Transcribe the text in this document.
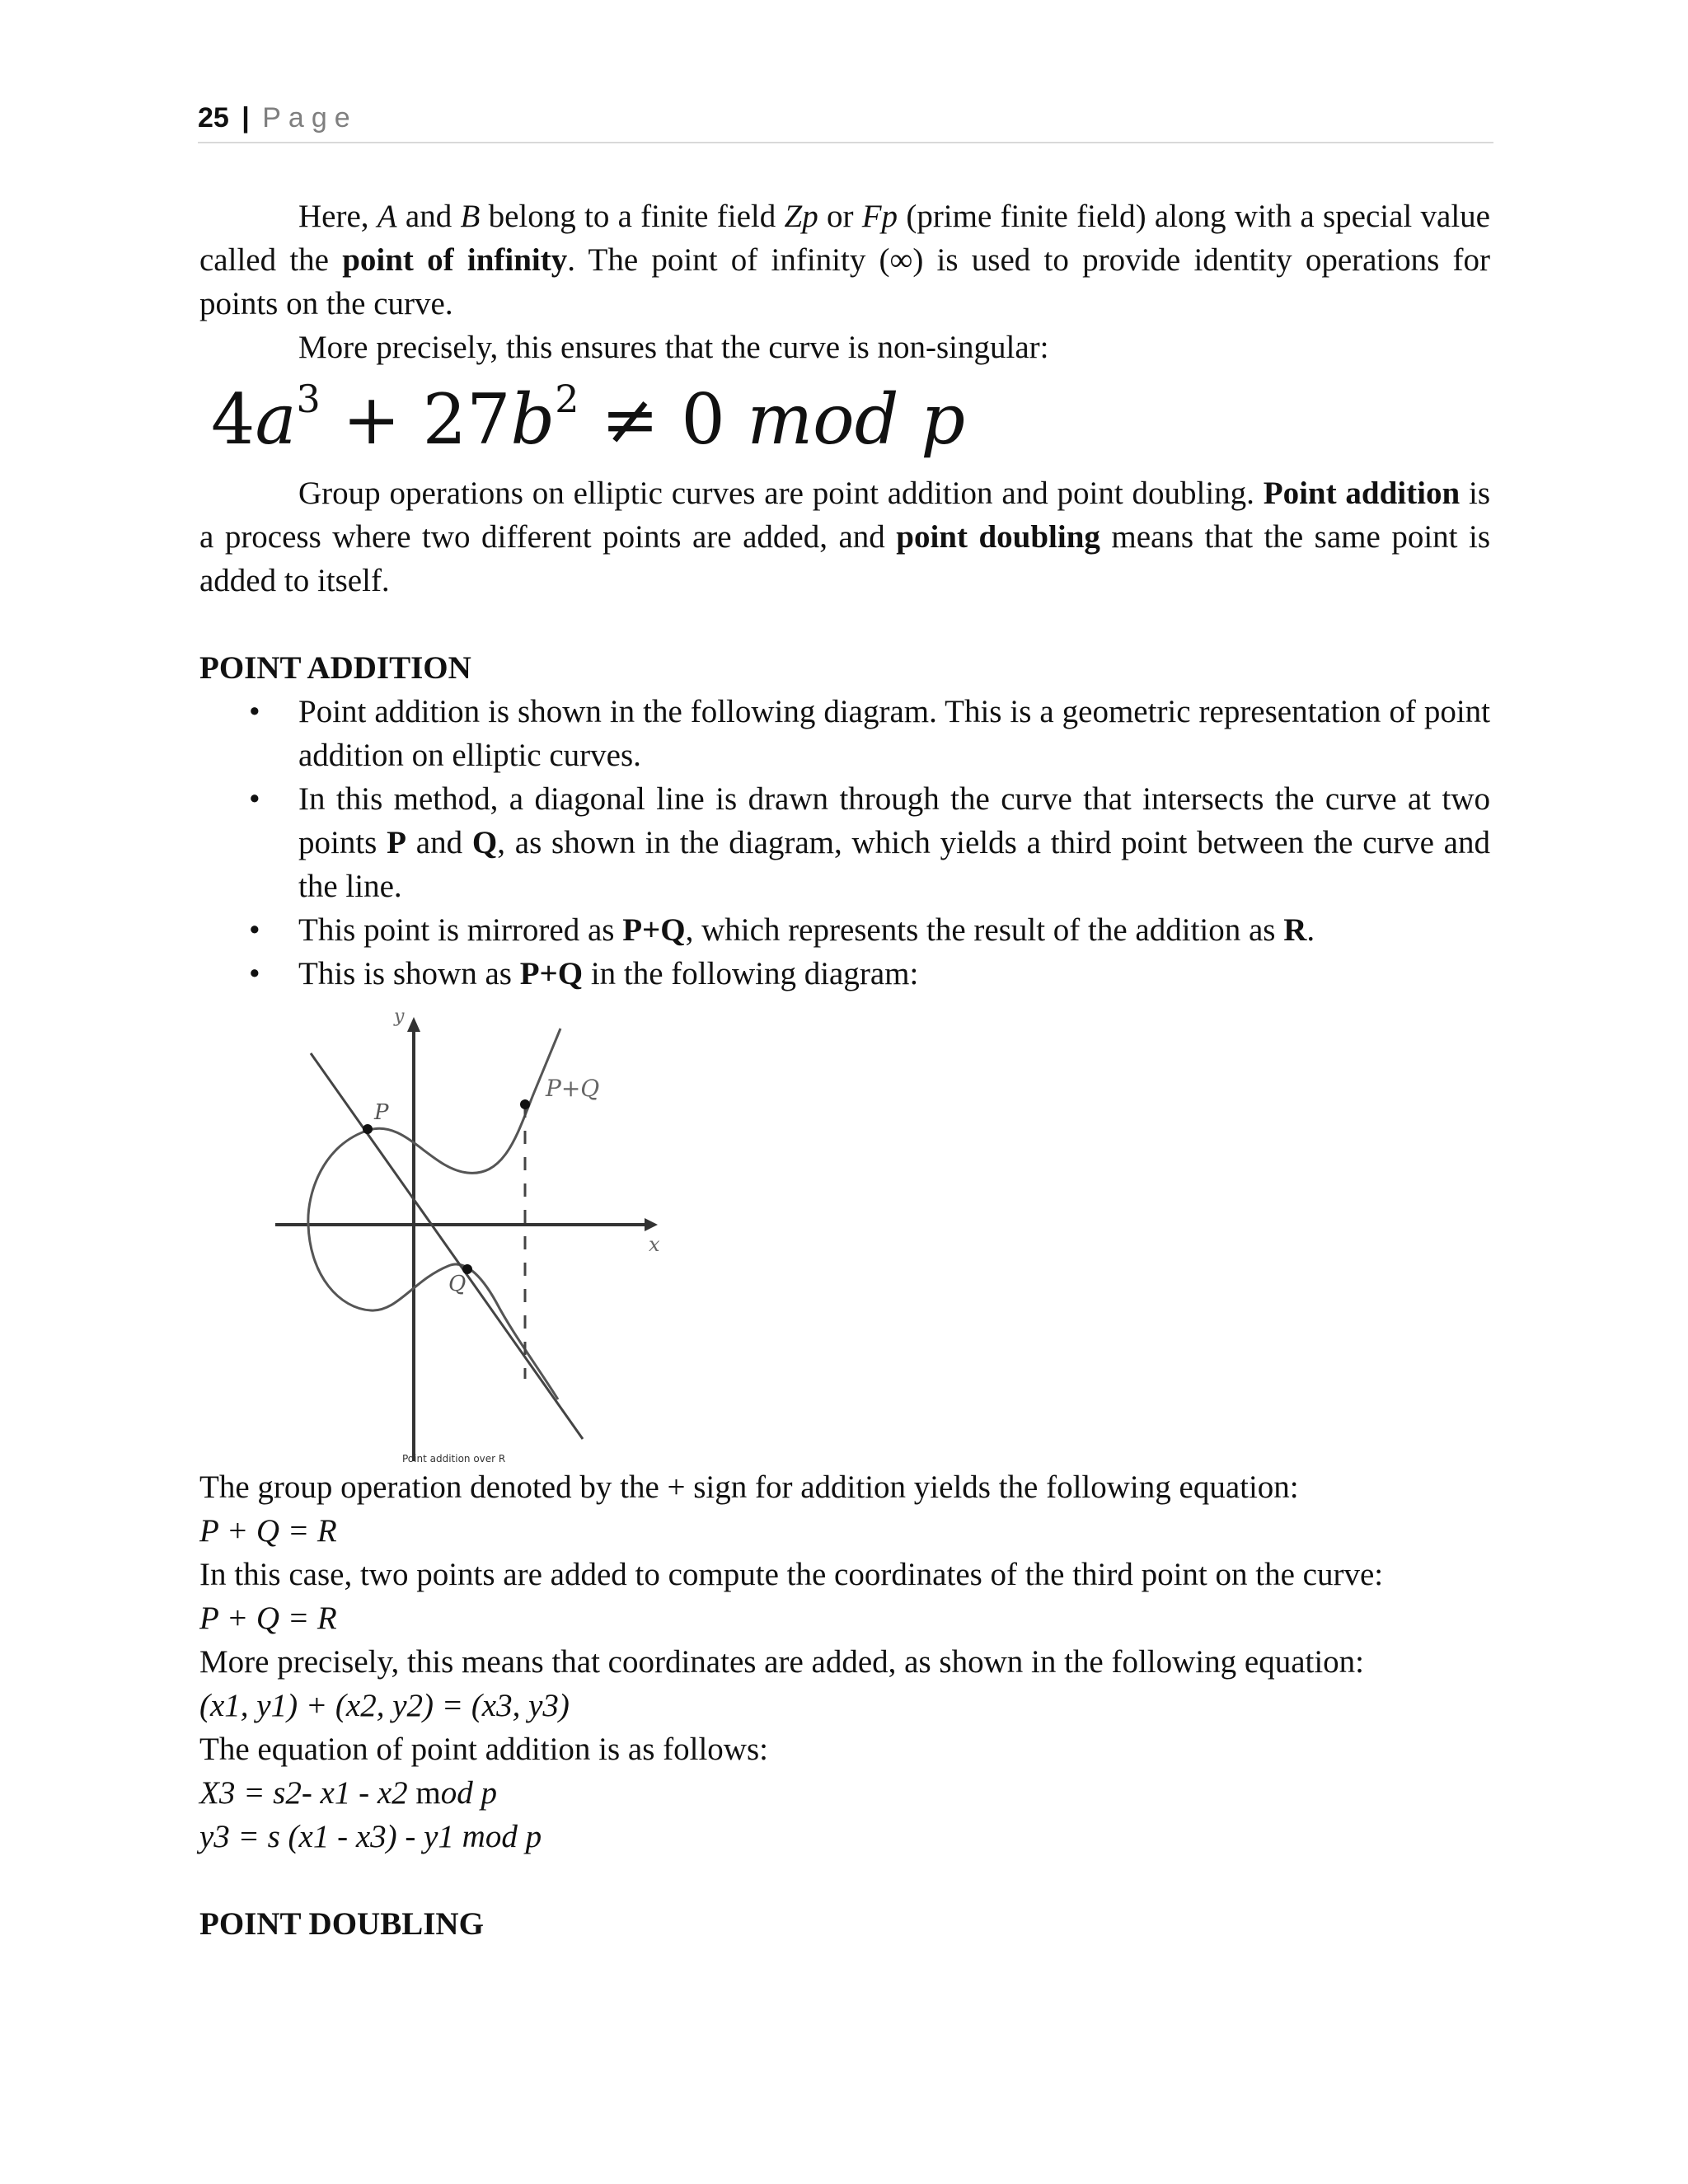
25 | Page

Here, A and B belong to a finite field Zp or Fp (prime finite field) along with a special value called the point of infinity. The point of infinity (∞) is used to provide identity operations for points on the curve.

More precisely, this ensures that the curve is non-singular:

$4a^3 + 27b^2 \ne 0$ mod p

Group operations on elliptic curves are point addition and point doubling. Point addition is a process where two different points are added, and point doubling means that the same point is added to itself.

POINT ADDITION

• Point addition is shown in the following diagram. This is a geometric representation of point addition on elliptic curves.
• In this method, a diagonal line is drawn through the curve that intersects the curve at two points P and Q, as shown in the diagram, which yields a third point between the curve and the line.
• This point is mirrored as P+Q, which represents the result of the addition as R.
• This is shown as P+Q in the following diagram:
y
x
P
Q
P+Q
Point addition over R

The group operation denoted by the + sign for addition yields the following equation:

P + Q = R

In this case, two points are added to compute the coordinates of the third point on the curve:

P + Q = R

More precisely, this means that coordinates are added, as shown in the following equation:

(x1, y1) + (x2, y2) = (x3, y3)

The equation of point addition is as follows:

X3 = s2- x1 - x2 mod p

y3 = s (x1 - x3) - y1 mod p

POINT DOUBLING
